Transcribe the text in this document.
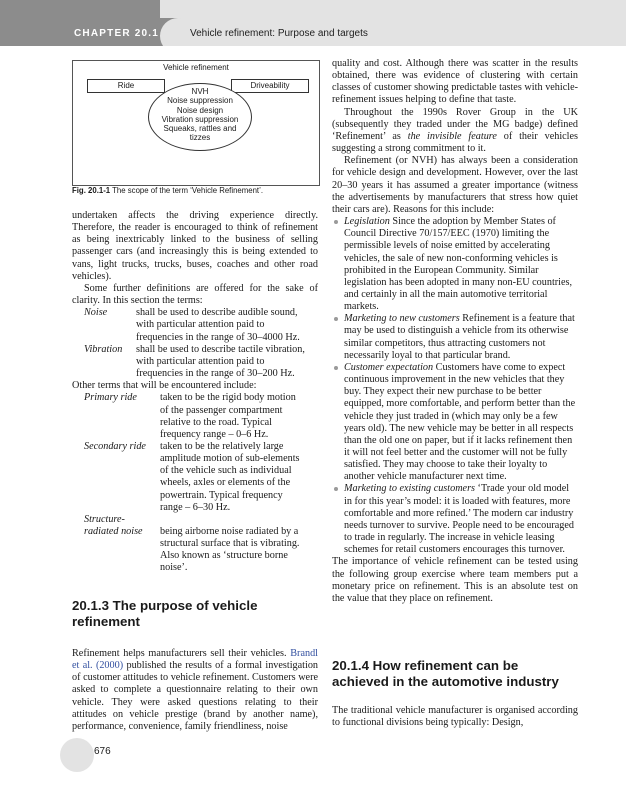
CHAPTER 20.1	Vehicle refinement: Purpose and targets
Vehicle refinement
Ride	Driveability
NVH
Noise suppression
Noise design
Vibration suppression
Squeaks, rattles and
tizzes
Fig. 20.1-1 The scope of the term ‘Vehicle Refinement’.

undertaken affects the driving experience directly. Therefore, the reader is encouraged to think of refinement as being inextricably linked to the business of selling passenger cars (and increasingly this is being extended to vans, light trucks, trucks, buses, coaches and other road vehicles).

Some further definitions are offered for the sake of clarity. In this section the terms:

Noise	shall be used to describe audible sound, with particular attention paid to frequencies in the range of 30–4000 Hz.
Vibration	shall be used to describe tactile vibration, with particular attention paid to frequencies in the range of 30–200 Hz.

Other terms that will be encountered include:

Primary ride	taken to be the rigid body motion of the passenger compartment relative to the road. Typical frequency range – 0–6 Hz.
Secondary ride	taken to be the relatively large amplitude motion of sub-elements of the vehicle such as individual wheels, axles or elements of the powertrain. Typical frequency range – 6–30 Hz.
Structure-radiated noise	being airborne noise radiated by a structural surface that is vibrating. Also known as ‘structure borne noise’.
20.1.3 The purpose of vehicle refinement

Refinement helps manufacturers sell their vehicles. Brandl et al. (2000) published the results of a formal investigation of customer attitudes to vehicle refinement. Customers were asked to complete a questionnaire relating to their own vehicle. They were asked questions relating to their attitudes on vehicle prestige (brand by another name), performance, convenience, family friendliness, noise

quality and cost. Although there was scatter in the results obtained, there was evidence of clustering with certain classes of customer showing predictable tastes with vehicle-refinement issues helping to define that taste.

Throughout the 1990s Rover Group in the UK (subsequently they traded under the MG badge) defined ‘Refinement’ as the invisible feature of their vehicles suggesting a strong commitment to it.

Refinement (or NVH) has always been a consideration for vehicle design and development. However, over the last 20–30 years it has assumed a greater importance (witness the advertisements by manufacturers that stress how quiet their cars are). Reasons for this include:

Legislation Since the adoption by Member States of Council Directive 70/157/EEC (1970) limiting the permissible levels of noise emitted by accelerating vehicles, the sale of new non-conforming vehicles is prohibited in the European Community. Similar legislation has been adopted in many non-EU countries, and certainly in all the main automotive territorial markets.
Marketing to new customers Refinement is a feature that may be used to distinguish a vehicle from its otherwise similar competitors, thus attracting customers not necessarily loyal to that particular brand.
Customer expectation Customers have come to expect continuous improvement in the new vehicles that they buy. They expect their new purchase to be better equipped, more comfortable, and perform better than the vehicle they just traded in (which may only be a few years old). The new vehicle may be better in all respects than the old one on paper, but if it lacks refinement then it will not feel better and the customer will not be fully satisfied. They may choose to take their loyalty to another vehicle manufacturer next time.
Marketing to existing customers ‘Trade your old model in for this year’s model: it is loaded with features, more comfortable and more refined.’ The modern car industry needs turnover to survive. People need to be encouraged to trade in regularly. The increase in vehicle leasing schemes for retail customers encourages this turnover.

The importance of vehicle refinement can be tested using the following group exercise where team members put a monetary price on refinement. This is an absolute test on the value that they place on refinement.

20.1.4 How refinement can be achieved in the automotive industry

The traditional vehicle manufacturer is organised according to functional divisions being typically: Design,

676
